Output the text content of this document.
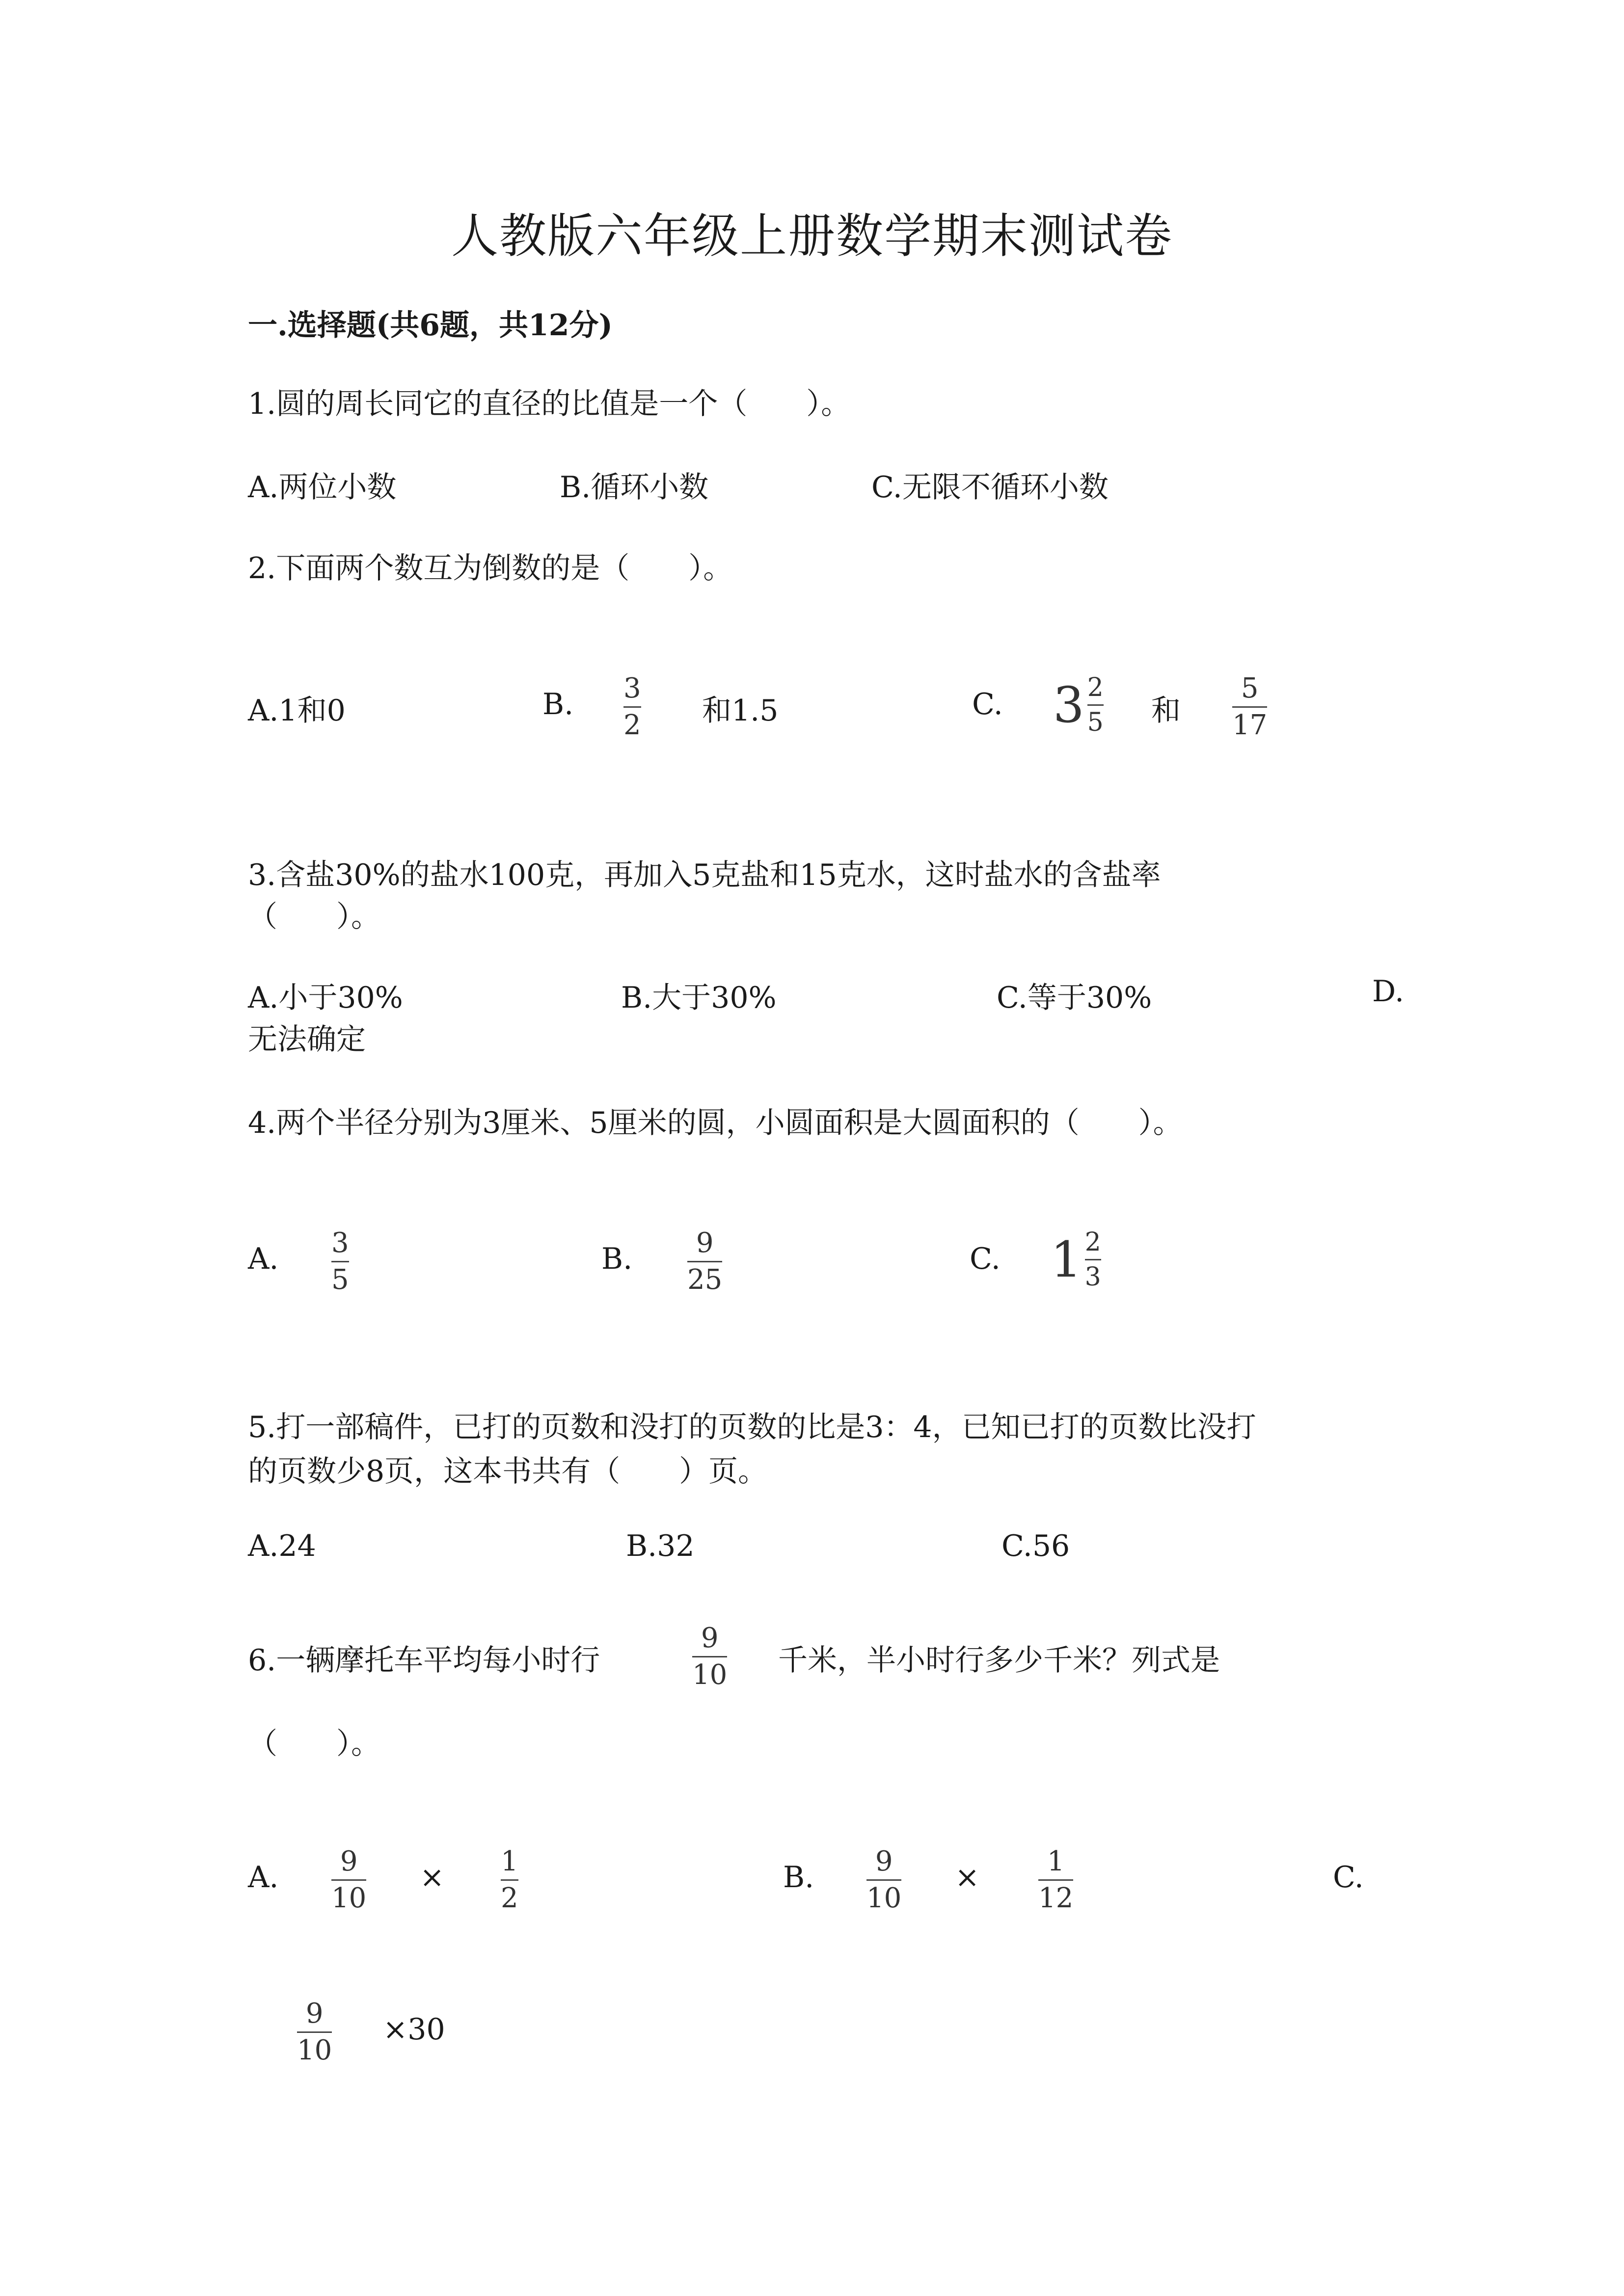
人教版六年级上册数学期末测试卷
一.选择题(共6题，共12分)
1.圆的周长同它的直径的比值是一个（　　）。
A.两位小数	B.循环小数	C.无限不循环小数
2.下面两个数互为倒数的是（　　）。
A.1和0	B. 3
2 和1.5	C. $3 \frac{2}{5}$ 和
5
17
3.含盐30%的盐水100克，再加入5克盐和15克水，这时盐水的含盐率
（　　）。
A.小于30%	B.大于30%	C.等于30%	D.
无法确定
4.两个半径分别为3厘米、5厘米的圆，小圆面积是大圆面积的（　　）。
A. 3
5
B. 9
25
C. $1 \frac{2}{3}$
5.打一部稿件，已打的页数和没打的页数的比是3：4，已知已打的页数比没打
的页数少8页，这本书共有（　　）页。
A.24	B.32	C.56
6.一辆摩托车平均每小时行
9
10 千米，半小时行多少千米？列式是
（　　）。
A. 9
10
× 1
2
B. 9
10
× 1
12
C.
9
10
×30
